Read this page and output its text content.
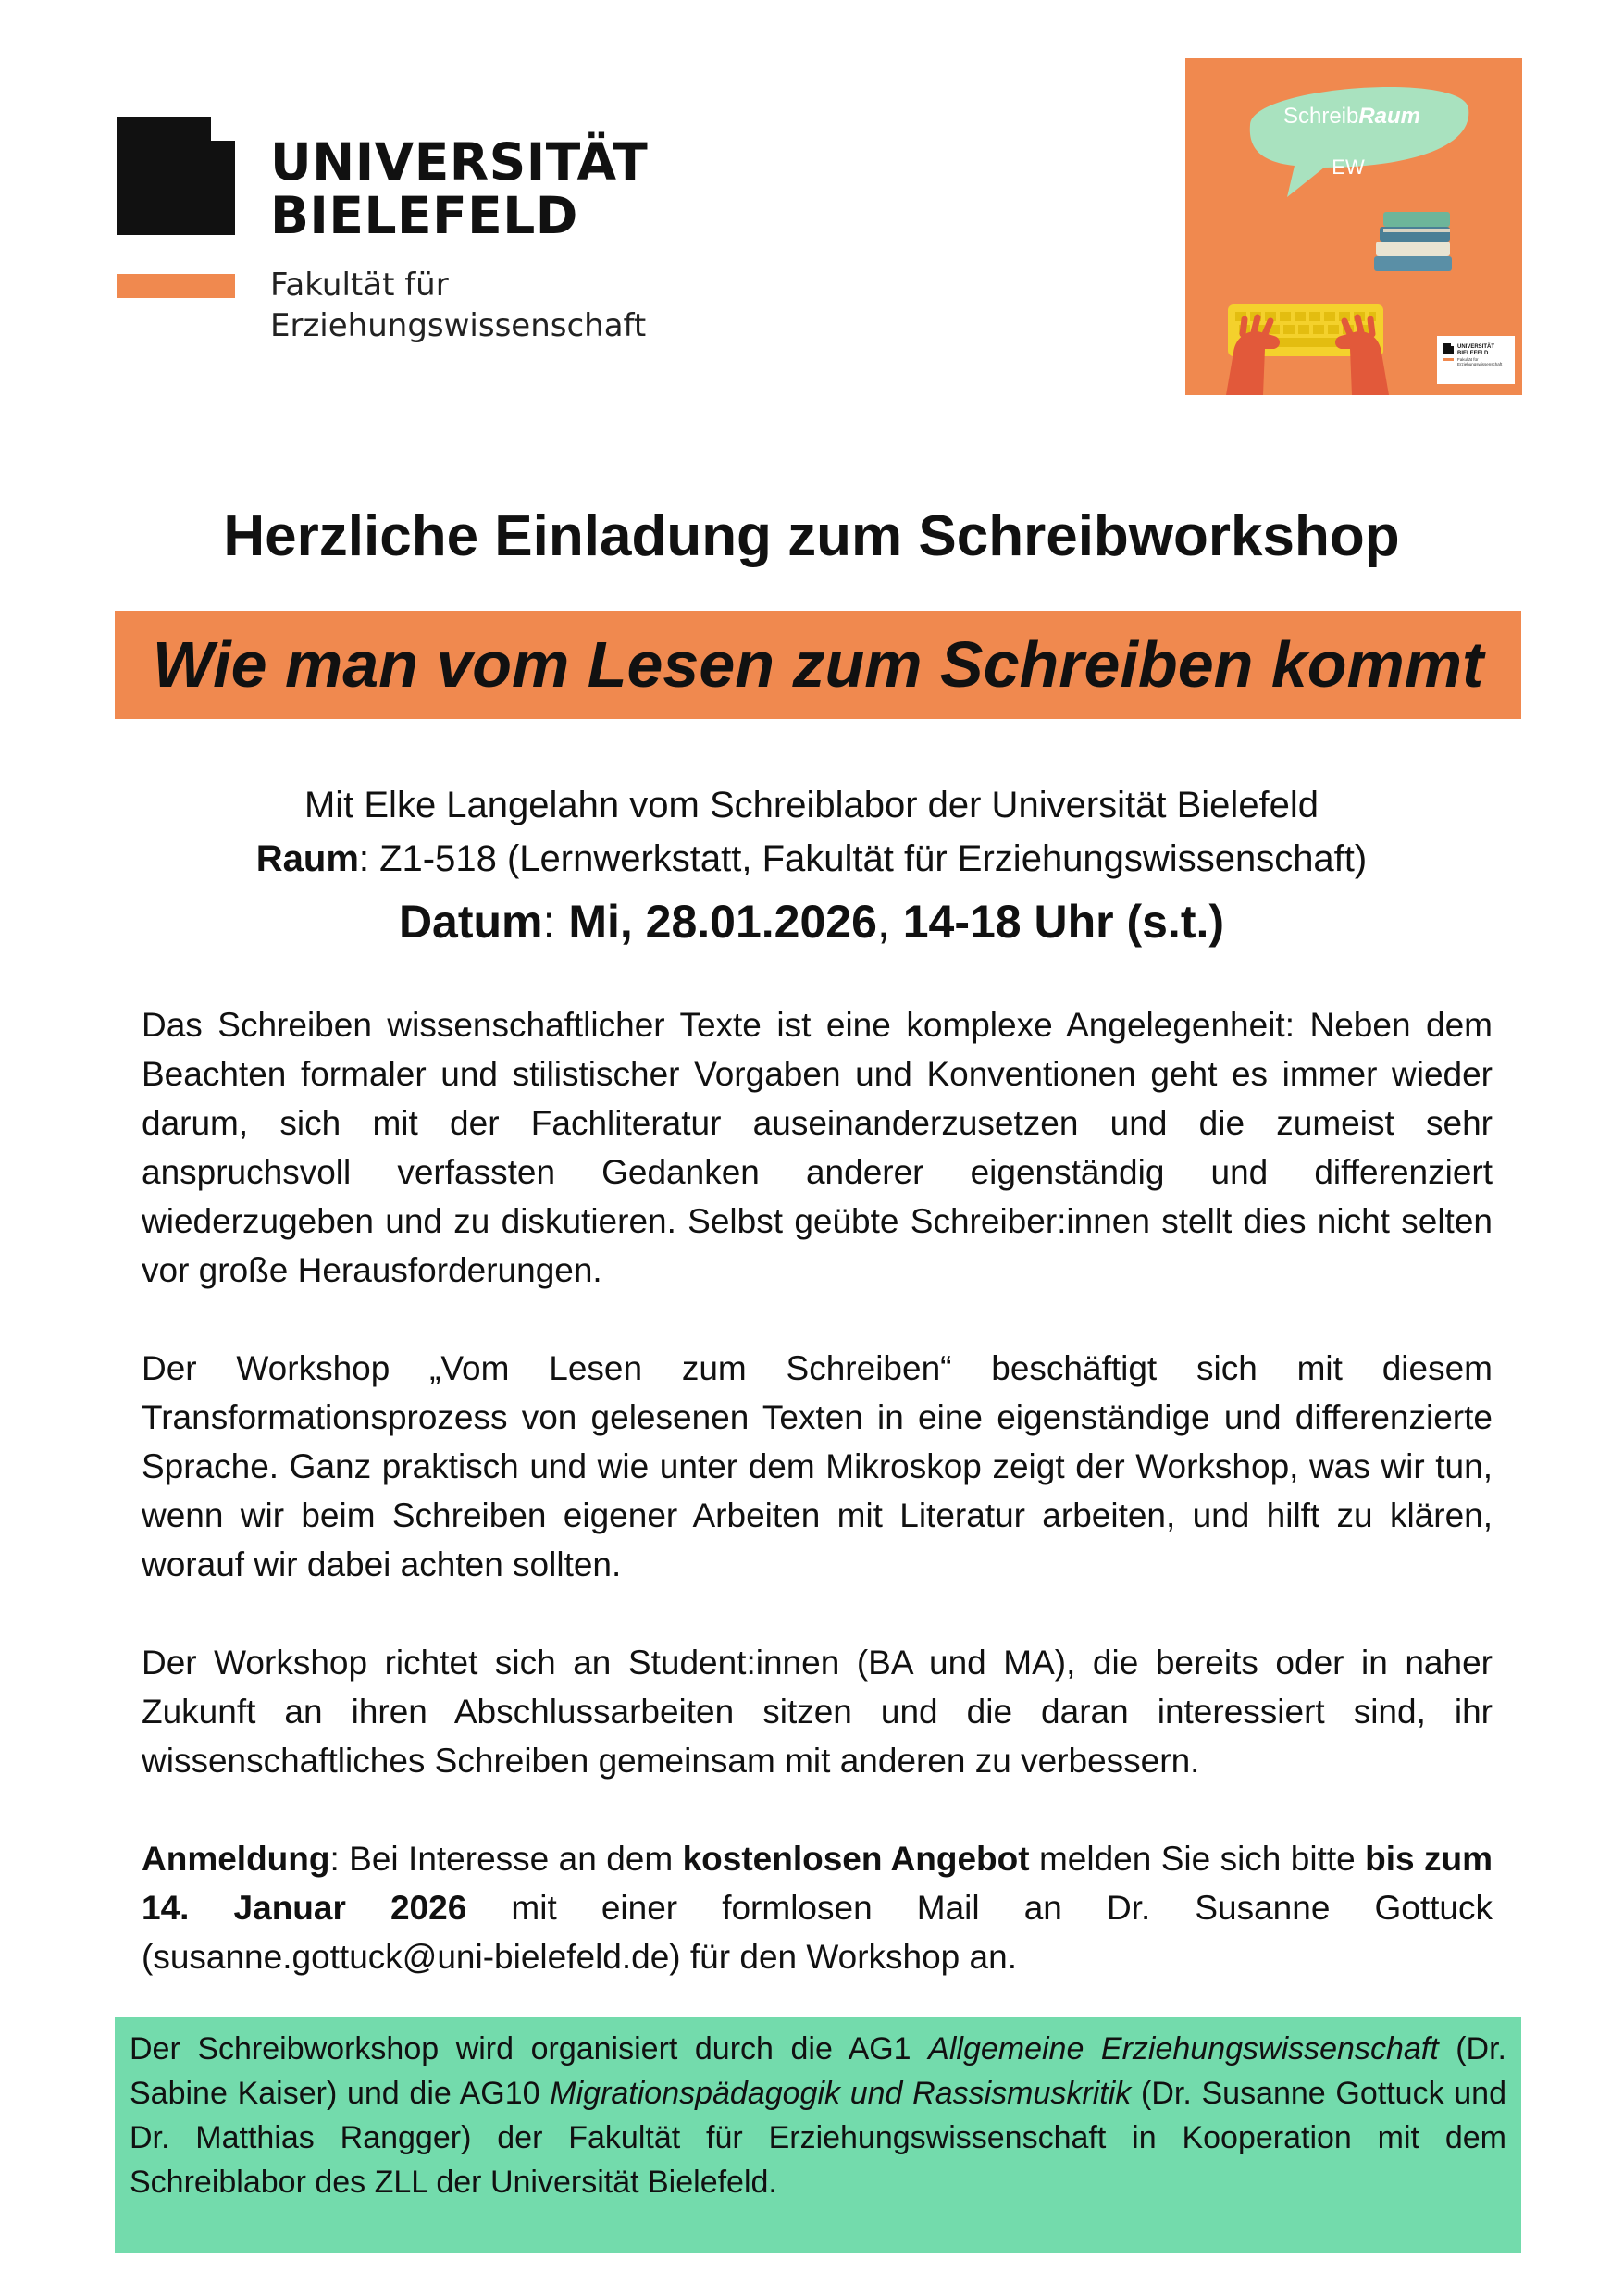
UNIVERSITÄT
BIELEFELD
Fakultät für
Erziehungswissenschaft
SchreibRaum
EW
UNIVERSITÄT
BIELEFELD
Fakultät für
Erziehungswissenschaft
Herzliche Einladung zum Schreibworkshop
Wie man vom Lesen zum Schreiben kommt
Mit Elke Langelahn vom Schreiblabor der Universität Bielefeld
Raum: Z1-518 (Lernwerkstatt, Fakultät für Erziehungswissenschaft)
Datum: Mi, 28.01.2026, 14-18 Uhr (s.t.)
Das Schreiben wissenschaftlicher Texte ist eine komplexe Angelegenheit: Neben dem Beachten formaler und stilistischer Vorgaben und Konventionen geht es immer wieder darum, sich mit der Fachliteratur auseinanderzusetzen und die zumeist sehr anspruchsvoll verfassten Gedanken anderer eigenständig und differenziert wiederzugeben und zu diskutieren. Selbst geübte Schreiber:innen stellt dies nicht selten vor große Herausforderungen.
Der Workshop „Vom Lesen zum Schreiben“ beschäftigt sich mit diesem Transformationsprozess von gelesenen Texten in eine eigenständige und differenzierte Sprache. Ganz praktisch und wie unter dem Mikroskop zeigt der Workshop, was wir tun, wenn wir beim Schreiben eigener Arbeiten mit Literatur arbeiten, und hilft zu klären, worauf wir dabei achten sollten.
Der Workshop richtet sich an Student:innen (BA und MA), die bereits oder in naher Zukunft an ihren Abschlussarbeiten sitzen und die daran interessiert sind, ihr wissenschaftliches Schreiben gemeinsam mit anderen zu verbessern.
Anmeldung: Bei Interesse an dem kostenlosen Angebot melden Sie sich bitte bis zum 14. Januar 2026 mit einer formlosen Mail an Dr. Susanne Gottuck (susanne.gottuck@uni-bielefeld.de) für den Workshop an.
Der Schreibworkshop wird organisiert durch die AG1 Allgemeine Erziehungswissenschaft (Dr. Sabine Kaiser) und die AG10 Migrationspädagogik und Rassismuskritik (Dr. Susanne Gottuck und Dr. Matthias Rangger) der Fakultät für Erziehungswissenschaft in Kooperation mit dem Schreiblabor des ZLL der Universität Bielefeld.
